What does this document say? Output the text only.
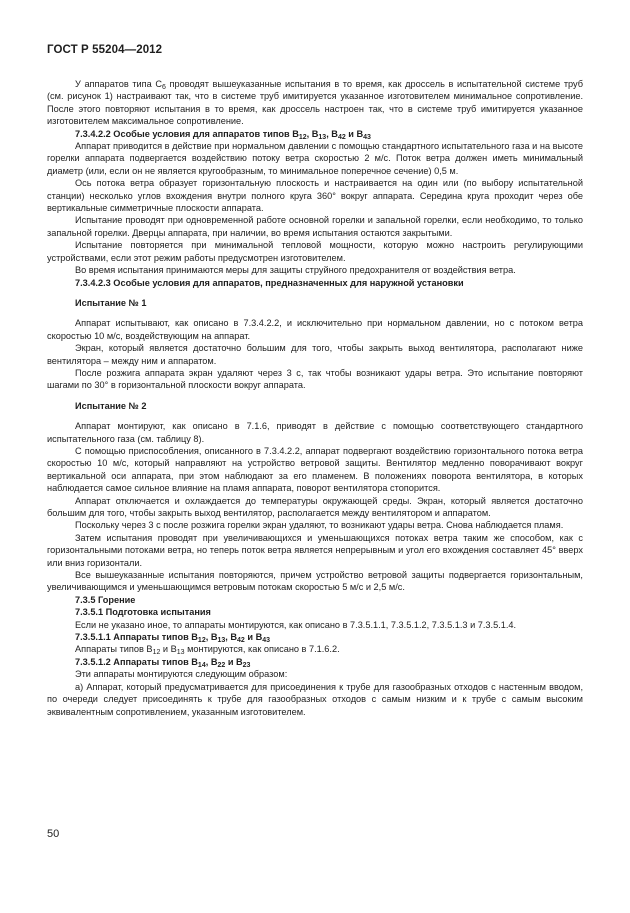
ГОСТ Р 55204—2012

У аппаратов типа $C_6$ проводят вышеуказанные испытания в то время, как дроссель в испытательной системе труб (см. рисунок 1) настраивают так, что в системе труб имитируется указанное изготовителем минимальное сопротивление. После этого повторяют испытания в то время, как дроссель настроен так, что в системе труб имитируется указанное изготовителем максимальное сопротивление.

7.3.4.2.2 Особые условия для аппаратов типов $B_{12}$, $B_{13}$, $B_{42}$ и $B_{43}$

Аппарат приводится в действие при нормальном давлении с помощью стандартного испытательного газа и на высоте горелки аппарата подвергается воздействию потоку ветра скоростью 2 м/с. Поток ветра должен иметь минимальный диаметр (или, если он не является кругообразным, то минимальное поперечное сечение) 0,5 м.

Ось потока ветра образует горизонтальную плоскость и настраивается на один или (по выбору испытательной станции) несколько углов вхождения внутри полного круга 360° вокруг аппарата. Середина круга проходит через обе вертикальные симметричные плоскости аппарата.

Испытание проводят при одновременной работе основной горелки и запальной горелки, если необходимо, то только запальной горелки. Дверцы аппарата, при наличии, во время испытания остаются закрытыми.

Испытание повторяется при минимальной тепловой мощности, которую можно настроить регулирующими устройствами, если этот режим работы предусмотрен изготовителем.

Во время испытания принимаются меры для защиты струйного предохранителя от воздействия ветра.

7.3.4.2.3 Особые условия для аппаратов, предназначенных для наружной установки

Испытание № 1

Аппарат испытывают, как описано в 7.3.4.2.2, и исключительно при нормальном давлении, но с потоком ветра скоростью 10 м/с, воздействующим на аппарат.

Экран, который является достаточно большим для того, чтобы закрыть выход вентилятора, располагают ниже вентилятора – между ним и аппаратом.

После розжига аппарата экран удаляют через 3 с, так чтобы возникают удары ветра. Это испытание повторяют шагами по 30° в горизонтальной плоскости вокруг аппарата.

Испытание № 2

Аппарат монтируют, как описано в 7.1.6, приводят в действие с помощью соответствующего стандартного испытательного газа (см. таблицу 8).

С помощью приспособления, описанного в 7.3.4.2.2, аппарат подвергают воздействию горизонтального потока ветра скоростью 10 м/с, который направляют на устройство ветровой защиты. Вентилятор медленно поворачивают вокруг вертикальной оси аппарата, при этом наблюдают за его пламенем. В положениях поворота вентилятора, в которых наблюдается самое сильное влияние на пламя аппарата, поворот вентилятора стопорится.

Аппарат отключается и охлаждается до температуры окружающей среды. Экран, который является достаточно большим для того, чтобы закрыть выход вентилятор, располагается между вентилятором и аппаратом.

Поскольку через 3 с после розжига горелки экран удаляют, то возникают удары ветра. Снова наблюдается пламя.

Затем испытания проводят при увеличивающихся и уменьшающихся потоках ветра таким же способом, как с горизонтальными потоками ветра, но теперь поток ветра является непрерывным и угол его вхождения составляет 45° вверх или вниз горизонтали.

Все вышеуказанные испытания повторяются, причем устройство ветровой защиты подвергается горизонтальным, увеличивающимся и уменьшающимся ветровым потокам скоростью 5 м/с и 2,5 м/с.

7.3.5 Горение

7.3.5.1 Подготовка испытания

Если не указано иное, то аппараты монтируются, как описано в 7.3.5.1.1, 7.3.5.1.2, 7.3.5.1.3 и 7.3.5.1.4.

7.3.5.1.1 Аппараты типов $B_{12}$, $B_{13}$, $B_{42}$ и $B_{43}$

Аппараты типов $B_{12}$ и $B_{13}$ монтируются, как описано в 7.1.6.2.

7.3.5.1.2 Аппараты типов $B_{14}$, $B_{22}$ и $B_{23}$

Эти аппараты монтируются следующим образом:

а) Аппарат, который предусматривается для присоединения к трубе для газообразных отходов с настенным вводом, по очереди следует присоединять к трубе для газообразных отходов с самым низким и к трубе с самым высоким эквивалентным сопротивлением, указанным изготовителем.

50
